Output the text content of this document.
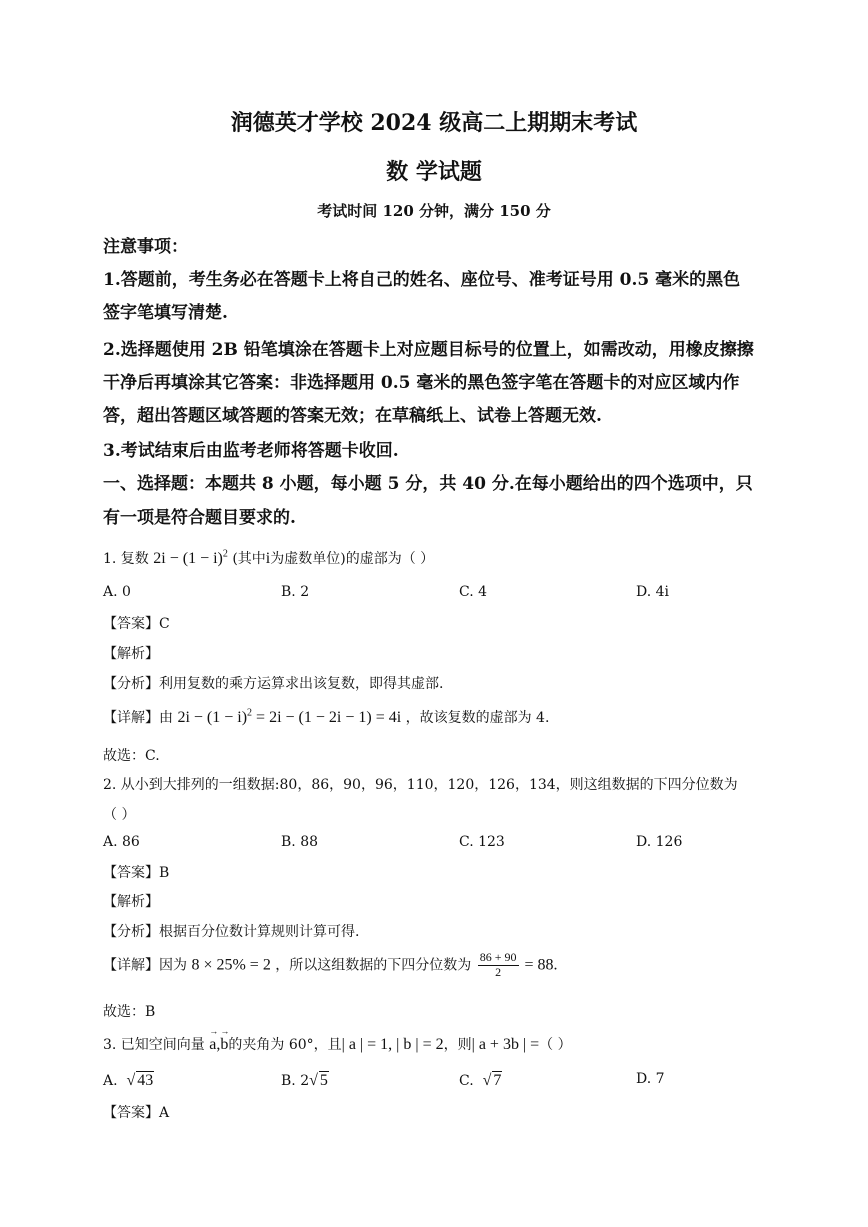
润德英才学校 2024 级高二上期期末考试
数 学试题
考试时间 120 分钟，满分 150 分
注意事项：
1.答题前，考生务必在答题卡上将自己的姓名、座位号、准考证号用 0.5 毫米的黑色
签字笔填写清楚.
2.选择题使用 2B 铅笔填涂在答题卡上对应题目标号的位置上，如需改动，用橡皮擦擦
干净后再填涂其它答案：非选择题用 0.5 毫米的黑色签字笔在答题卡的对应区域内作
答，超出答题区域答题的答案无效；在草稿纸上、试卷上答题无效.
3.考试结束后由监考老师将答题卡收回.
一、选择题：本题共 8 小题，每小题 5 分，共 40 分.在每小题给出的四个选项中，只
有一项是符合题目要求的.
1. 复数 $2i - (1 - i)^2$ (其中i为虚数单位)的虚部为（ ）
A. 0	B. 2	C. 4	D. 4i
【答案】C
【解析】
【分析】利用复数的乘方运算求出该复数，即得其虚部.
【详解】由 $2i - (1 - i)^2 = 2i - (1 - 2i - 1) = 4i$ ，故该复数的虚部为 4.
故选：C.
2. 从小到大排列的一组数据:80，86，90，96，110，120，126，134，则这组数据的下四分位数为
（ ）
A. 86	B. 88	C. 123	D. 126
【答案】B
【解析】
【分析】根据百分位数计算规则计算可得.
【详解】因为 8 × 25% = 2 ，所以这组数据的下四分位数为 $\frac{86 + 90}{2} = 88$.
故选：B
3. 已知空间向量 → a,→ b的夹角为 60°，且| a | = 1, | b | = 2，则| a + 3b | =（ ）
A. √ 43	B. 2√ 5	C. √ 7	D. 7
【答案】A
